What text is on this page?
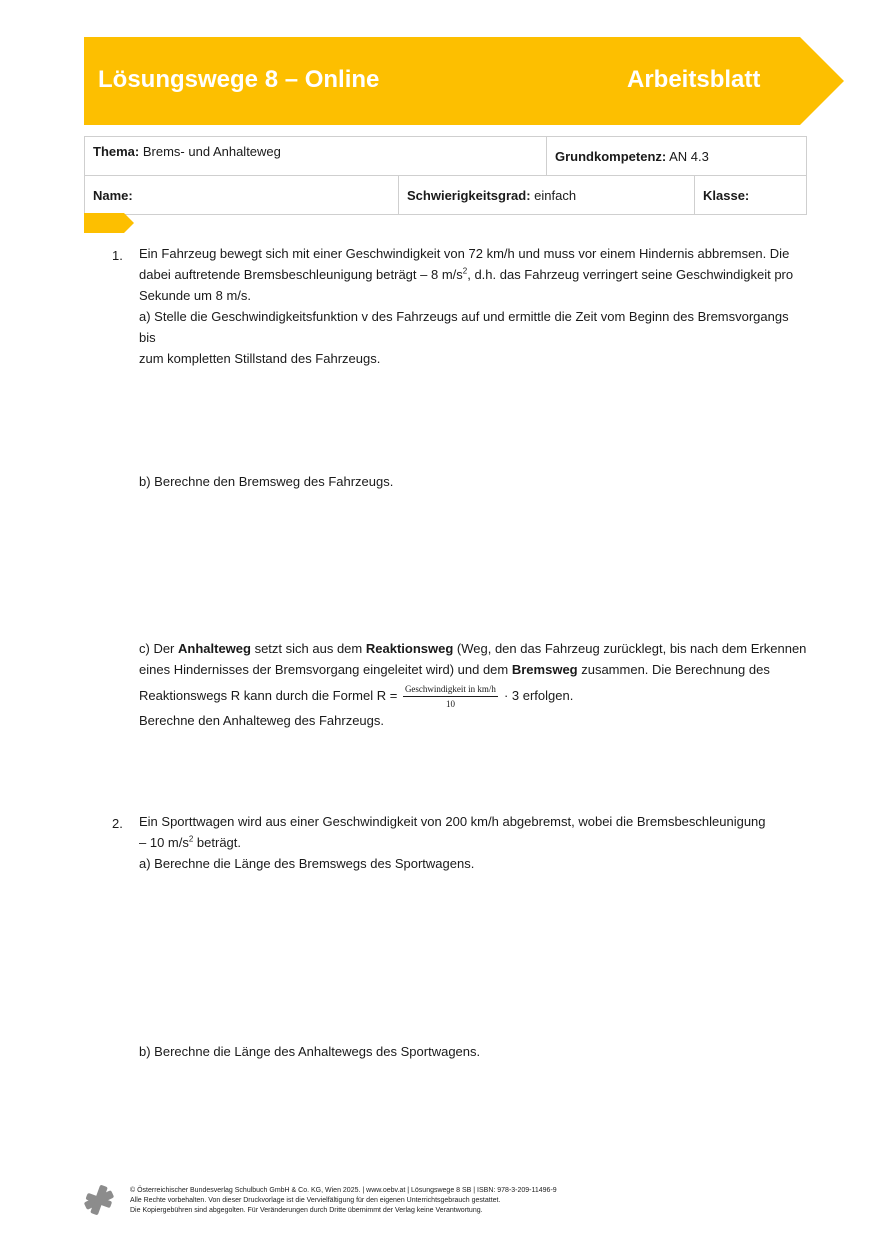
Lösungswege 8 – Online	Arbeitsblatt
Thema: Brems- und Anhalteweg		Grundkompetenz: AN 4.3	
Name:	Schwierigkeitsgrad: einfach		Klasse:
1. Ein Fahrzeug bewegt sich mit einer Geschwindigkeit von 72 km/h und muss vor einem Hindernis abbremsen. Die
dabei auftretende Bremsbeschleunigung beträgt – 8 $m/s^2$, d.h. das Fahrzeug verringert seine Geschwindigkeit pro
Sekunde um 8 m/s.
a) Stelle die Geschwindigkeitsfunktion v des Fahrzeugs auf und ermittle die Zeit vom Beginn des Bremsvorgangs bis
zum kompletten Stillstand des Fahrzeugs.
b) Berechne den Bremsweg des Fahrzeugs.
c) Der Anhalteweg setzt sich aus dem Reaktionsweg (Weg, den das Fahrzeug zurücklegt, bis nach dem Erkennen
eines Hindernisses der Bremsvorgang eingeleitet wird) und dem Bremsweg zusammen. Die Berechnung des
Reaktionswegs R kann durch die Formel $R = \frac{\text{Geschwindigkeit in km/h}}{10} \cdot 3$ erfolgen.
Berechne den Anhalteweg des Fahrzeugs.
2. Ein Sporttwagen wird aus einer Geschwindigkeit von 200 km/h abgebremst, wobei die Bremsbeschleunigung
– 10 $m/s^2$ beträgt.
a) Berechne die Länge des Bremswegs des Sportwagens.
b) Berechne die Länge des Anhaltewegs des Sportwagens.
© Österreichischer Bundesverlag Schulbuch GmbH & Co. KG, Wien 2025. | www.oebv.at | Lösungswege 8 SB | ISBN: 978-3-209-11496-9
Alle Rechte vorbehalten. Von dieser Druckvorlage ist die Vervielfältigung für den eigenen Unterrichtsgebrauch gestattet.
Die Kopiergebühren sind abgegolten. Für Veränderungen durch Dritte übernimmt der Verlag keine Verantwortung.
